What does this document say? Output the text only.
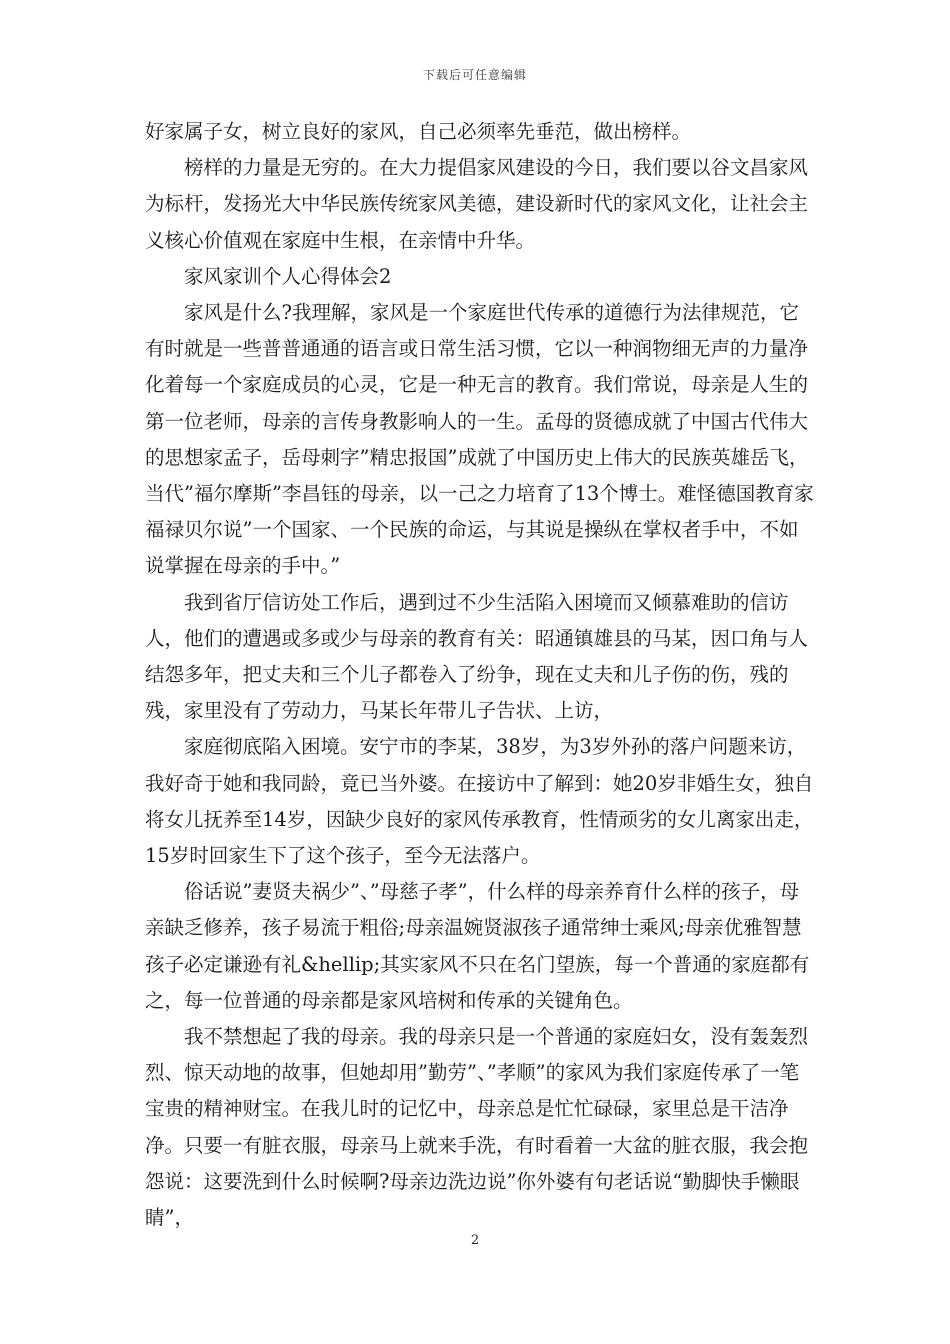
下载后可任意编辑

好家属子女，树立良好的家风，自己必须率先垂范，做出榜样。

榜样的力量是无穷的。在大力提倡家风建设的今日，我们要以谷文昌家风为标杆，发扬光大中华民族传统家风美德，建设新时代的家风文化，让社会主义核心价值观在家庭中生根，在亲情中升华。

家风家训个人心得体会2

家风是什么?我理解，家风是一个家庭世代传承的道德行为法律规范，它有时就是一些普普通通的语言或日常生活习惯，它以一种润物细无声的力量净化着每一个家庭成员的心灵，它是一种无言的教育。我们常说，母亲是人生的第一位老师，母亲的言传身教影响人的一生。孟母的贤德成就了中国古代伟大的思想家孟子，岳母刺字”精忠报国”成就了中国历史上伟大的民族英雄岳飞，当代”福尔摩斯”李昌钰的母亲，以一己之力培育了13个博士。难怪德国教育家福禄贝尔说”一个国家、一个民族的命运，与其说是操纵在掌权者手中，不如说掌握在母亲的手中。”

我到省厅信访处工作后，遇到过不少生活陷入困境而又倾慕难助的信访人，他们的遭遇或多或少与母亲的教育有关：昭通镇雄县的马某，因口角与人结怨多年，把丈夫和三个儿子都卷入了纷争，现在丈夫和儿子伤的伤，残的残，家里没有了劳动力，马某长年带儿子告状、上访，

家庭彻底陷入困境。安宁市的李某，38岁，为3岁外孙的落户问题来访，我好奇于她和我同龄，竟已当外婆。在接访中了解到：她20岁非婚生女，独自将女儿抚养至14岁，因缺少良好的家风传承教育，性情顽劣的女儿离家出走，15岁时回家生下了这个孩子，至今无法落户。

俗话说”妻贤夫祸少”、”母慈子孝”，什么样的母亲养育什么样的孩子，母亲缺乏修养，孩子易流于粗俗;母亲温婉贤淑孩子通常绅士乘风;母亲优雅智慧孩子必定谦逊有礼&hellip;其实家风不只在名门望族，每一个普通的家庭都有之，每一位普通的母亲都是家风培树和传承的关键角色。

我不禁想起了我的母亲。我的母亲只是一个普通的家庭妇女，没有轰轰烈烈、惊天动地的故事，但她却用”勤劳”、”孝顺”的家风为我们家庭传承了一笔宝贵的精神财宝。在我儿时的记忆中，母亲总是忙忙碌碌，家里总是干洁净净。只要一有脏衣服，母亲马上就来手洗，有时看着一大盆的脏衣服，我会抱怨说：这要洗到什么时候啊?母亲边洗边说”你外婆有句老话说“勤脚快手懒眼睛”，

2
